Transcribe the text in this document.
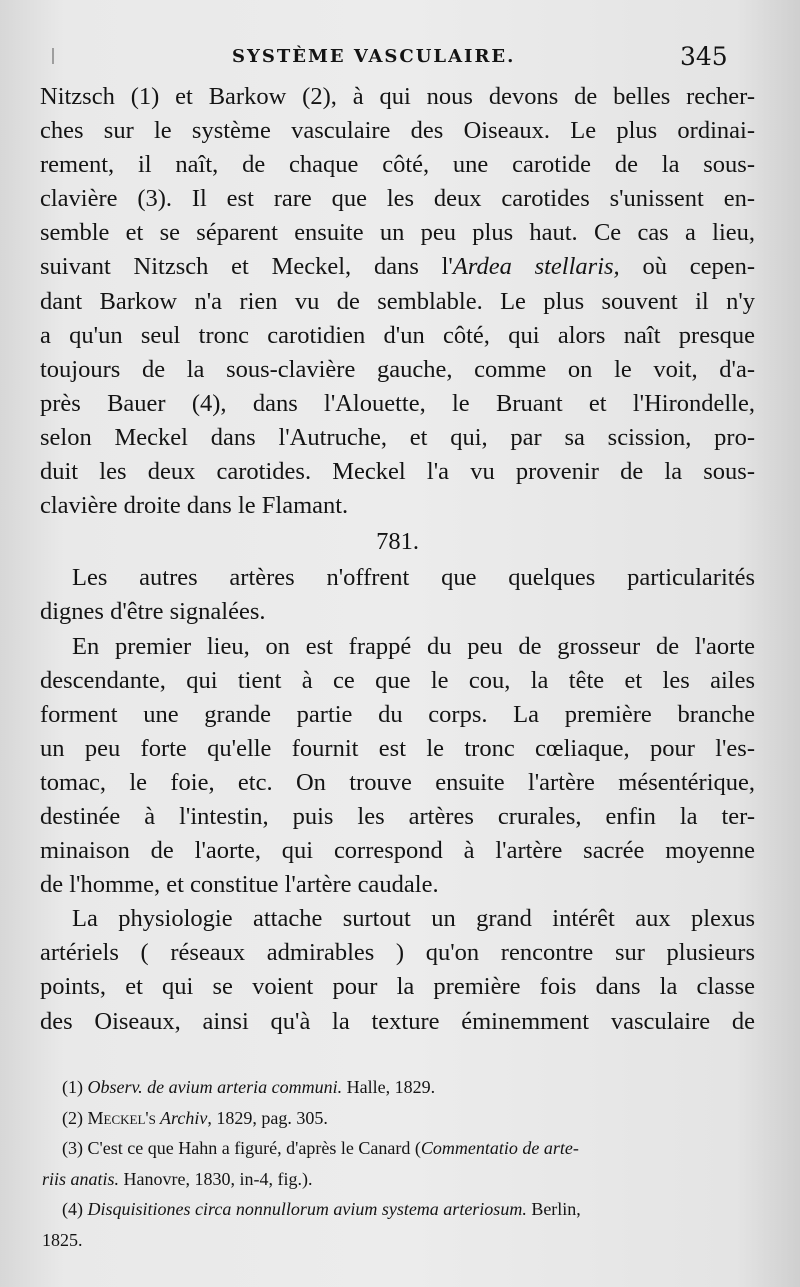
SYSTÈME VASCULAIRE.	345
Nitzsch (1) et Barkow (2), à qui nous devons de belles recher-
ches sur le système vasculaire des Oiseaux. Le plus ordinai-
rement, il naît, de chaque côté, une carotide de la sous-
clavière (3). Il est rare que les deux carotides s'unissent en-
semble et se séparent ensuite un peu plus haut. Ce cas a lieu,
suivant Nitzsch et Meckel, dans l'Ardea stellaris, où cepen-
dant Barkow n'a rien vu de semblable. Le plus souvent il n'y
a qu'un seul tronc carotidien d'un côté, qui alors naît presque
toujours de la sous-clavière gauche, comme on le voit, d'a-
près Bauer (4), dans l'Alouette, le Bruant et l'Hirondelle,
selon Meckel dans l'Autruche, et qui, par sa scission, pro-
duit les deux carotides. Meckel l'a vu provenir de la sous-
clavière droite dans le Flamant.
781.
Les autres artères n'offrent que quelques particularités
dignes d'être signalées.
En premier lieu, on est frappé du peu de grosseur de l'aorte
descendante, qui tient à ce que le cou, la tête et les ailes
forment une grande partie du corps. La première branche
un peu forte qu'elle fournit est le tronc cœliaque, pour l'es-
tomac, le foie, etc. On trouve ensuite l'artère mésentérique,
destinée à l'intestin, puis les artères crurales, enfin la ter-
minaison de l'aorte, qui correspond à l'artère sacrée moyenne
de l'homme, et constitue l'artère caudale.
La physiologie attache surtout un grand intérêt aux plexus
artériels ( réseaux admirables ) qu'on rencontre sur plusieurs
points, et qui se voient pour la première fois dans la classe
des Oiseaux, ainsi qu'à la texture éminemment vasculaire de
(1) Observ. de avium arteria communi. Halle, 1829.
(2) Meckel's Archiv, 1829, pag. 305.
(3) C'est ce que Hahn a figuré, d'après le Canard (Commentatio de arte-
riis anatis. Hanovre, 1830, in-4, fig.).
(4) Disquisitiones circa nonnullorum avium systema arteriosum. Berlin,
1825.
